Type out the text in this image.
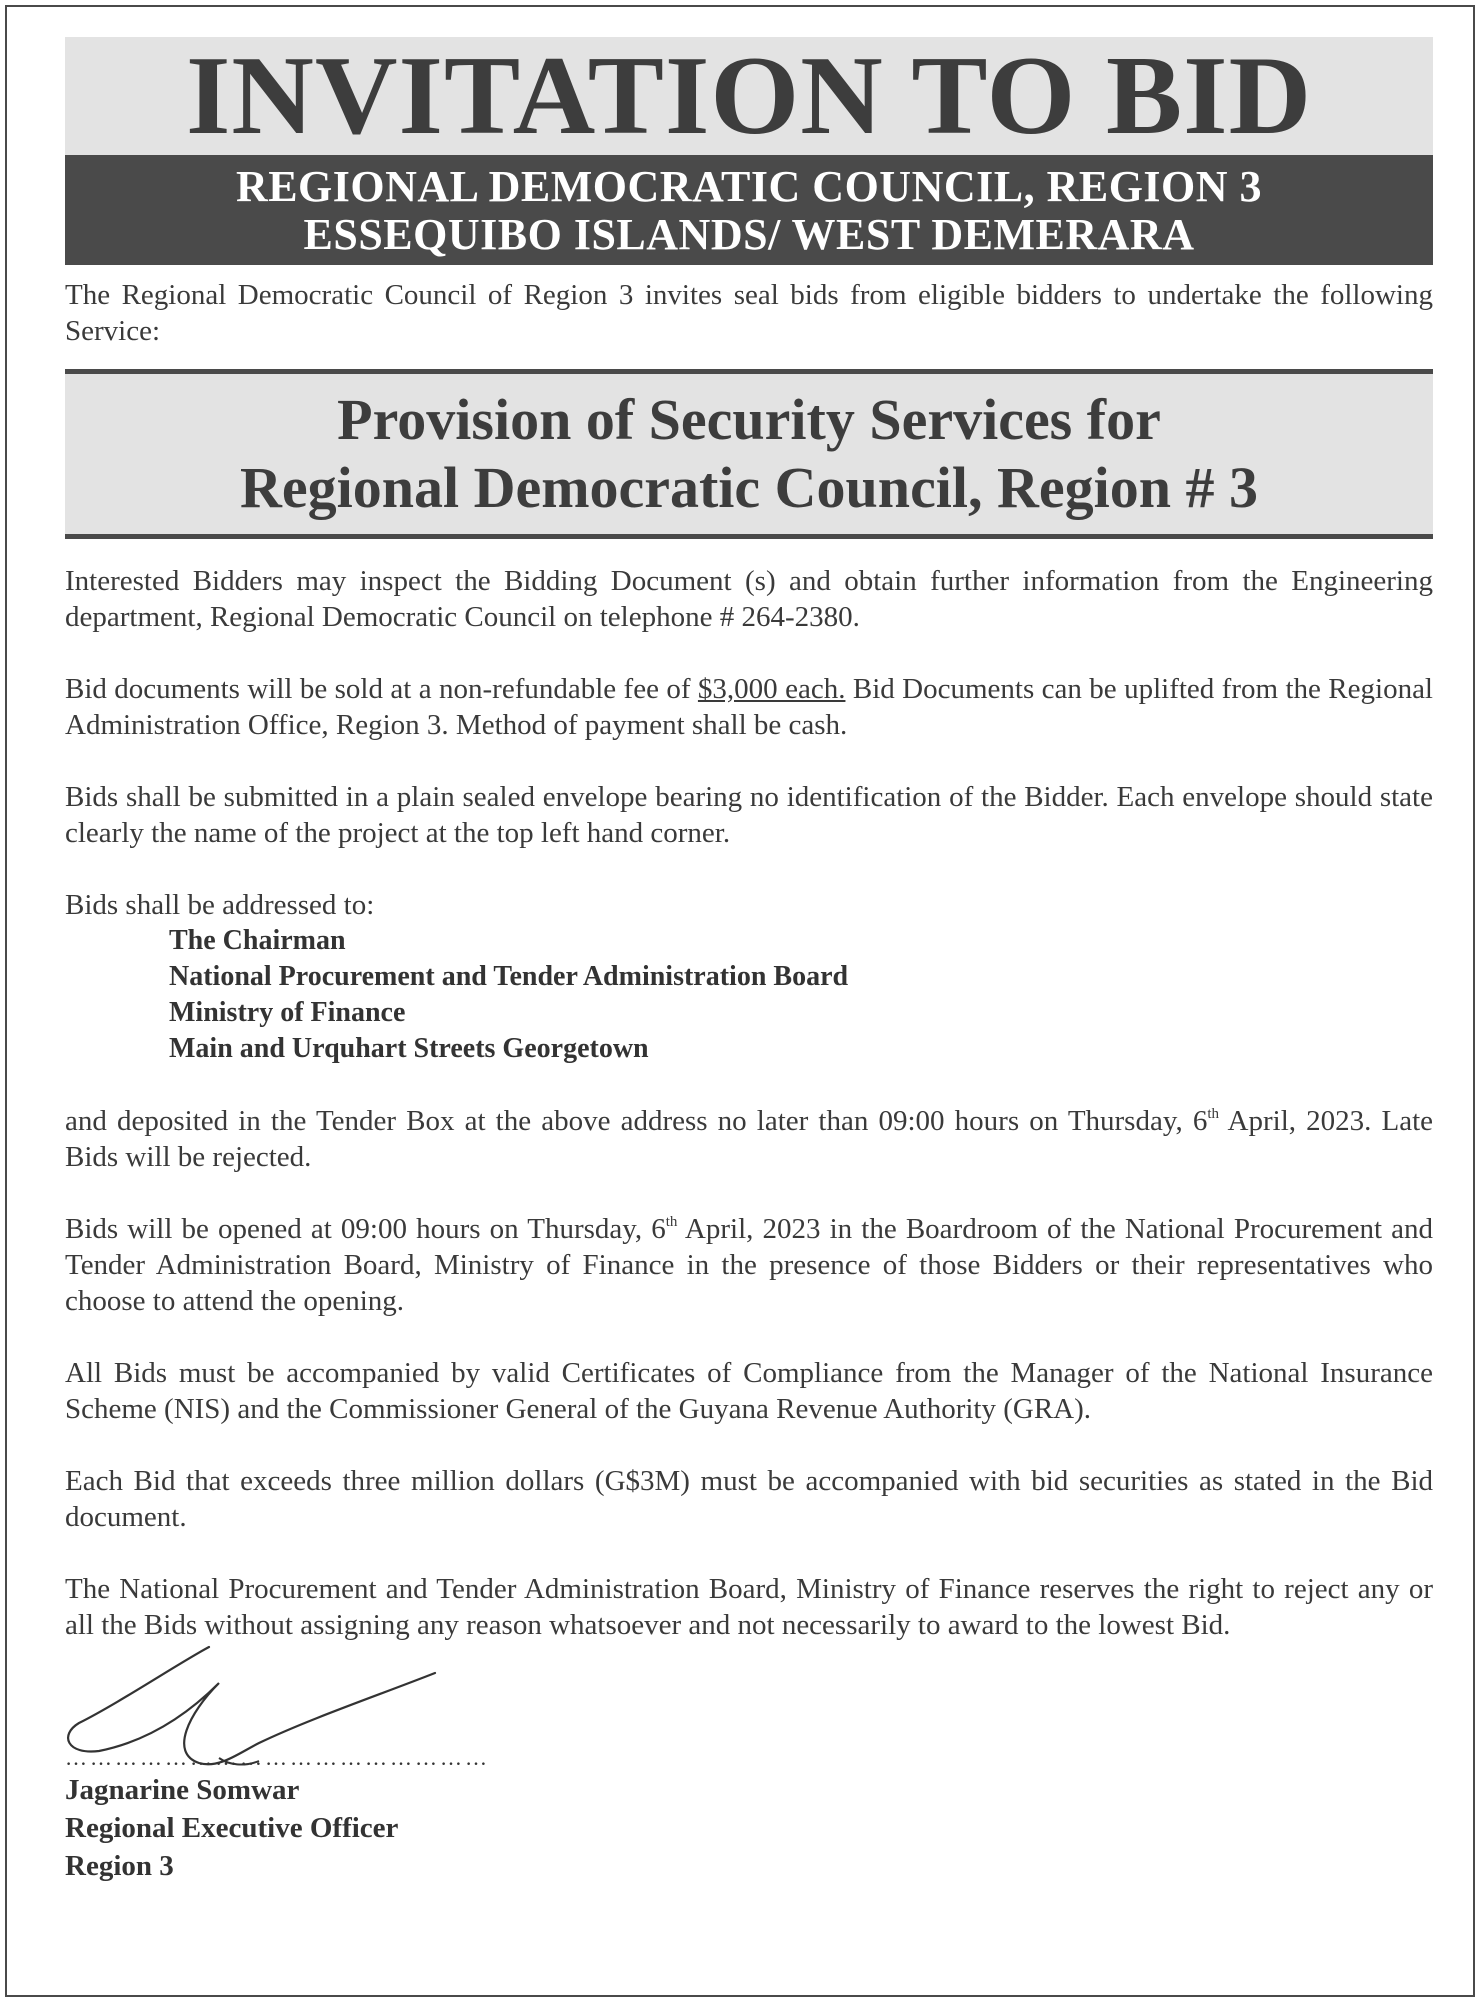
INVITATION TO BID
REGIONAL DEMOCRATIC COUNCIL, REGION 3
ESSEQUIBO ISLANDS/ WEST DEMERARA

The Regional Democratic Council of Region 3 invites seal bids from eligible bidders to undertake the following Service:

Provision of Security Services for
Regional Democratic Council, Region # 3

Interested Bidders may inspect the Bidding Document (s) and obtain further information from the Engineering department, Regional Democratic Council on telephone # 264-2380.

Bid documents will be sold at a non-refundable fee of $3,000 each. Bid Documents can be uplifted from the Regional Administration Office, Region 3. Method of payment shall be cash.

Bids shall be submitted in a plain sealed envelope bearing no identification of the Bidder. Each envelope should state clearly the name of the project at the top left hand corner.

Bids shall be addressed to:

The Chairman
National Procurement and Tender Administration Board
Ministry of Finance
Main and Urquhart Streets Georgetown

and deposited in the Tender Box at the above address no later than 09:00 hours on Thursday, 6th April, 2023. Late Bids will be rejected.

Bids will be opened at 09:00 hours on Thursday, 6th April, 2023 in the Boardroom of the National Procurement and Tender Administration Board, Ministry of Finance in the presence of those Bidders or their representatives who choose to attend the opening.

All Bids must be accompanied by valid Certificates of Compliance from the Manager of the National Insurance Scheme (NIS) and the Commissioner General of the Guyana Revenue Authority (GRA).

Each Bid that exceeds three million dollars (G$3M) must be accompanied with bid securities as stated in the Bid document.

The National Procurement and Tender Administration Board, Ministry of Finance reserves the right to reject any or all the Bids without assigning any reason whatsoever and not necessarily to award to the lowest Bid.

……………………………………………
Jagnarine Somwar
Regional Executive Officer
Region 3
